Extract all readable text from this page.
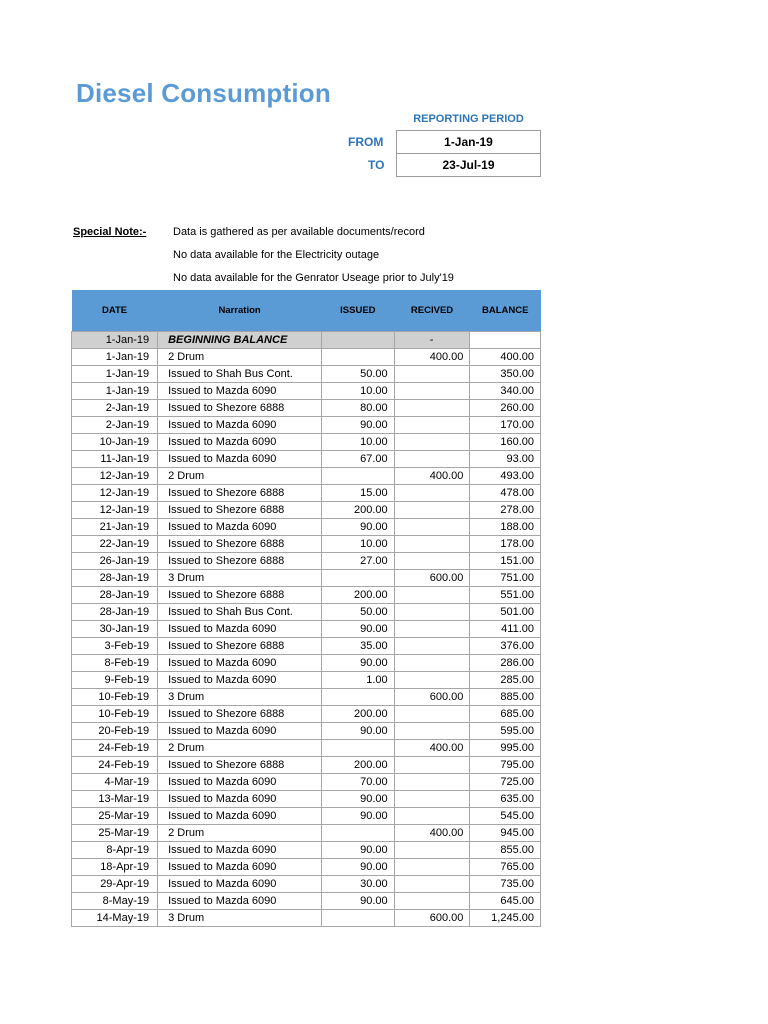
Diesel Consumption
REPORTING PERIOD
FROM	1-Jan-19
TO	23-Jul-19
Special Note:- Data is gathered as per available documents/record
No data available for the Electricity outage
No data available for the Genrator Useage prior to July'19
DATE	Narration	ISSUED	RECIVED	BALANCE
1-Jan-19	BEGINNING BALANCE		-	
1-Jan-19	2 Drum		400.00	400.00
1-Jan-19	Issued to Shah Bus Cont.	50.00		350.00
1-Jan-19	Issued to Mazda 6090	10.00		340.00
2-Jan-19	Issued to Shezore 6888	80.00		260.00
2-Jan-19	Issued to Mazda 6090	90.00		170.00
10-Jan-19	Issued to Mazda 6090	10.00		160.00
11-Jan-19	Issued to Mazda 6090	67.00		93.00
12-Jan-19	2 Drum		400.00	493.00
12-Jan-19	Issued to Shezore 6888	15.00		478.00
12-Jan-19	Issued to Shezore 6888	200.00		278.00
21-Jan-19	Issued to Mazda 6090	90.00		188.00
22-Jan-19	Issued to Shezore 6888	10.00		178.00
26-Jan-19	Issued to Shezore 6888	27.00		151.00
28-Jan-19	3 Drum		600.00	751.00
28-Jan-19	Issued to Shezore 6888	200.00		551.00
28-Jan-19	Issued to Shah Bus Cont.	50.00		501.00
30-Jan-19	Issued to Mazda 6090	90.00		411.00
3-Feb-19	Issued to Shezore 6888	35.00		376.00
8-Feb-19	Issued to Mazda 6090	90.00		286.00
9-Feb-19	Issued to Mazda 6090	1.00		285.00
10-Feb-19	3 Drum		600.00	885.00
10-Feb-19	Issued to Shezore 6888	200.00		685.00
20-Feb-19	Issued to Mazda 6090	90.00		595.00
24-Feb-19	2 Drum		400.00	995.00
24-Feb-19	Issued to Shezore 6888	200.00		795.00
4-Mar-19	Issued to Mazda 6090	70.00		725.00
13-Mar-19	Issued to Mazda 6090	90.00		635.00
25-Mar-19	Issued to Mazda 6090	90.00		545.00
25-Mar-19	2 Drum		400.00	945.00
8-Apr-19	Issued to Mazda 6090	90.00		855.00
18-Apr-19	Issued to Mazda 6090	90.00		765.00
29-Apr-19	Issued to Mazda 6090	30.00		735.00
8-May-19	Issued to Mazda 6090	90.00		645.00
14-May-19	3 Drum		600.00	1,245.00
